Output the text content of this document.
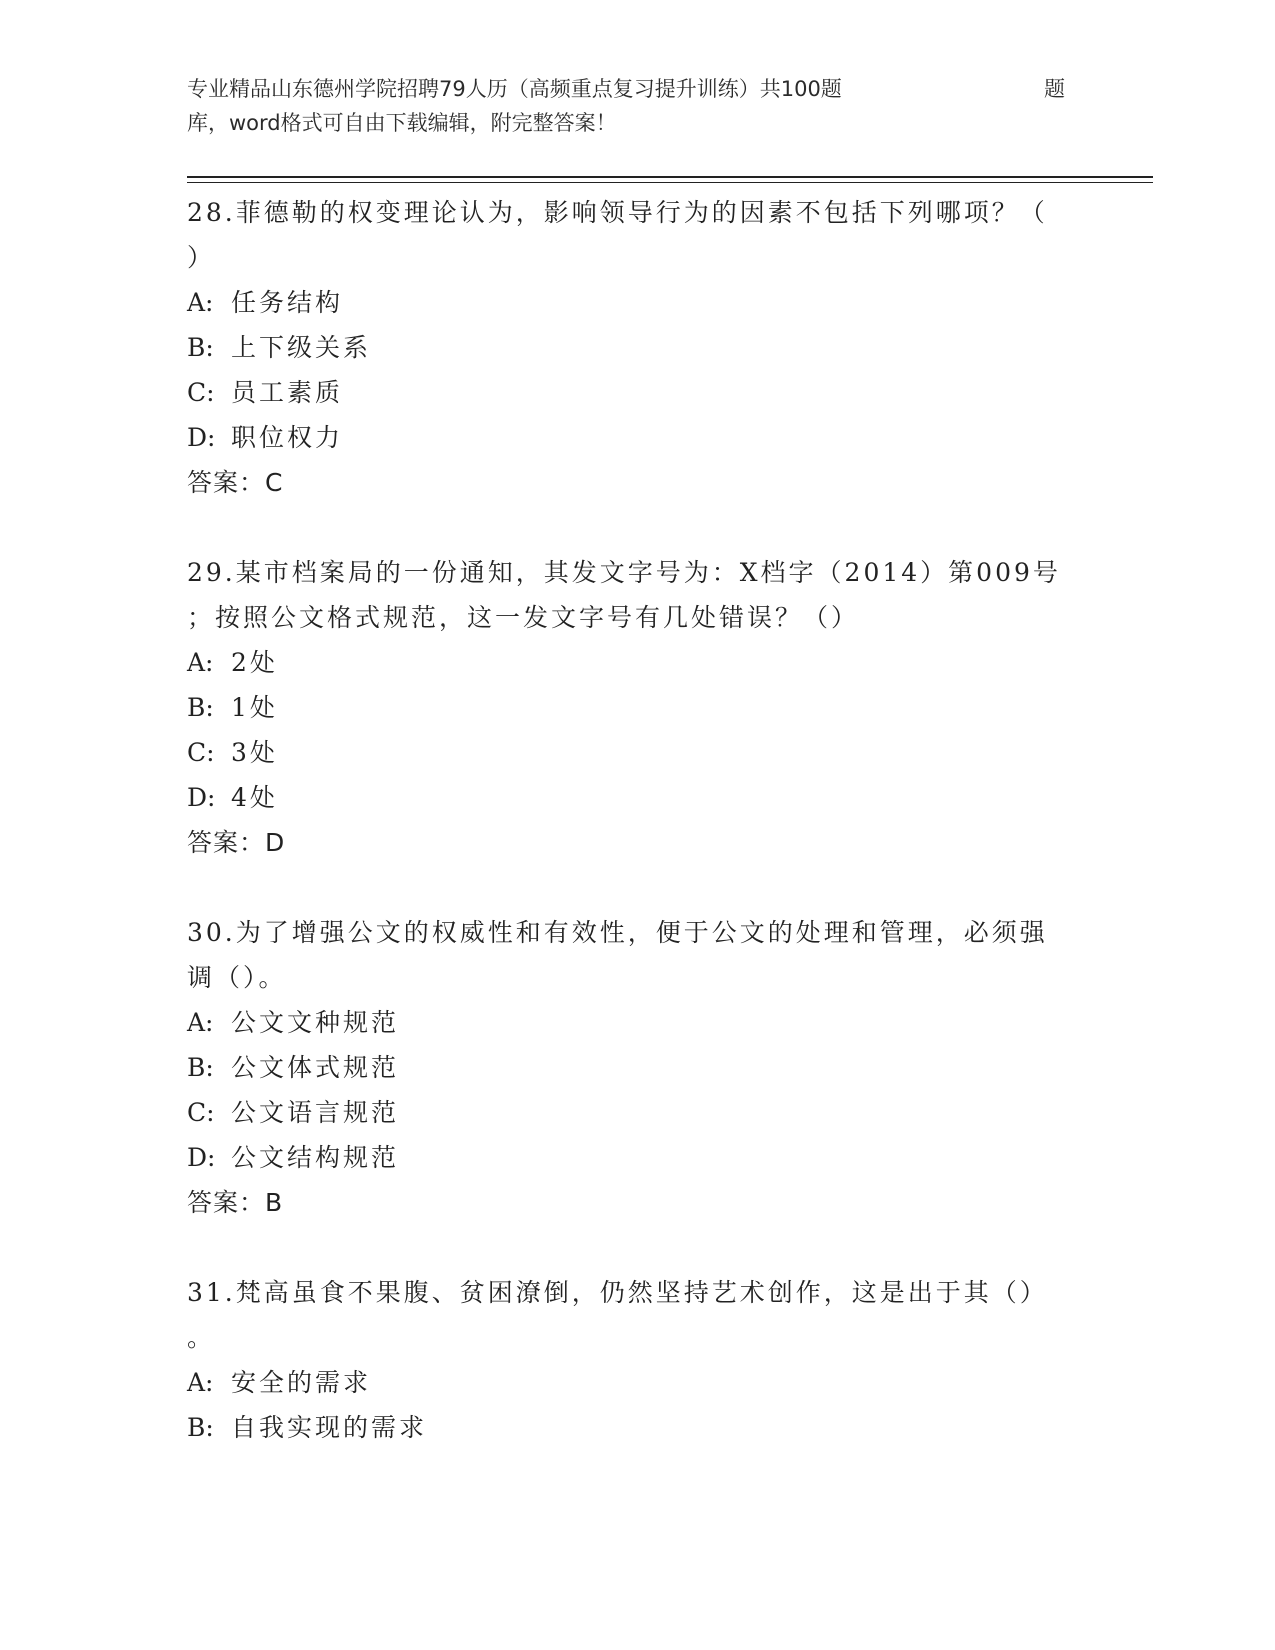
专业精品山东德州学院招聘79人历（高频重点复习提升训练）共100题	题
库，word格式可自由下载编辑，附完整答案！
28.菲德勒的权变理论认为，影响领导行为的因素不包括下列哪项？（
）
A: 任务结构
B: 上下级关系
C: 员工素质
D: 职位权力
答案：C
29.某市档案局的一份通知，其发文字号为：X档字（2014）第009号
；按照公文格式规范，这一发文字号有几处错误？（）
A: 2处
B: 1处
C: 3处
D: 4处
答案：D
30.为了增强公文的权威性和有效性，便于公文的处理和管理，必须强
调（）。
A: 公文文种规范
B: 公文体式规范
C: 公文语言规范
D: 公文结构规范
答案：B
31.梵高虽食不果腹、贫困潦倒，仍然坚持艺术创作，这是出于其（）
。
A: 安全的需求
B: 自我实现的需求
